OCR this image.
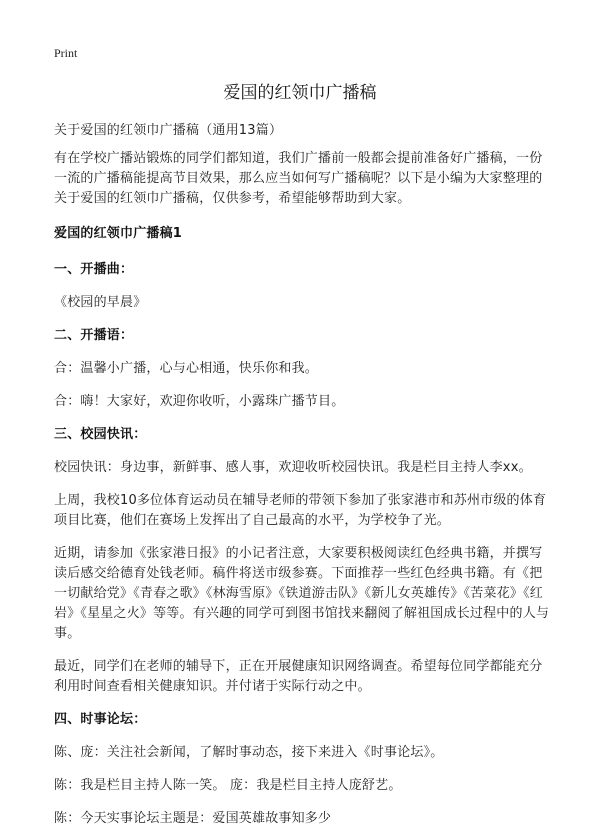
Print
爱国的红领巾广播稿

关于爱国的红领巾广播稿（通用13篇）

有在学校广播站锻炼的同学们都知道，我们广播前一般都会提前准备好广播稿，一份一流的广播稿能提高节目效果，那么应当如何写广播稿呢？以下是小编为大家整理的关于爱国的红领巾广播稿，仅供参考，希望能够帮助到大家。

爱国的红领巾广播稿1

一、开播曲：

《校园的早晨》

二、开播语：

合：温馨小广播，心与心相通，快乐你和我。

合：嗨！大家好，欢迎你收听，小露珠广播节目。

三、校园快讯：

校园快讯：身边事，新鲜事、感人事，欢迎收听校园快讯。我是栏目主持人李xx。

上周，我校10多位体育运动员在辅导老师的带领下参加了张家港市和苏州市级的体育项目比赛，他们在赛场上发挥出了自己最高的水平，为学校争了光。

近期，请参加《张家港日报》的小记者注意，大家要积极阅读红色经典书籍，并撰写读后感交给德育处钱老师。稿件将送市级参赛。下面推荐一些红色经典书籍。有《把一切献给党》《青春之歌》《林海雪原》《铁道游击队》《新儿女英雄传》《苦菜花》《红岩》《星星之火》等等。有兴趣的同学可到图书馆找来翻阅了解祖国成长过程中的人与事。

最近，同学们在老师的辅导下，正在开展健康知识网络调查。希望每位同学都能充分利用时间查看相关健康知识。并付诸于实际行动之中。

四、时事论坛：

陈、庞：关注社会新闻，了解时事动态，接下来进入《时事论坛》。

陈：我是栏目主持人陈一笑。 庞：我是栏目主持人庞舒艺。

陈：今天实事论坛主题是：爱国英雄故事知多少
